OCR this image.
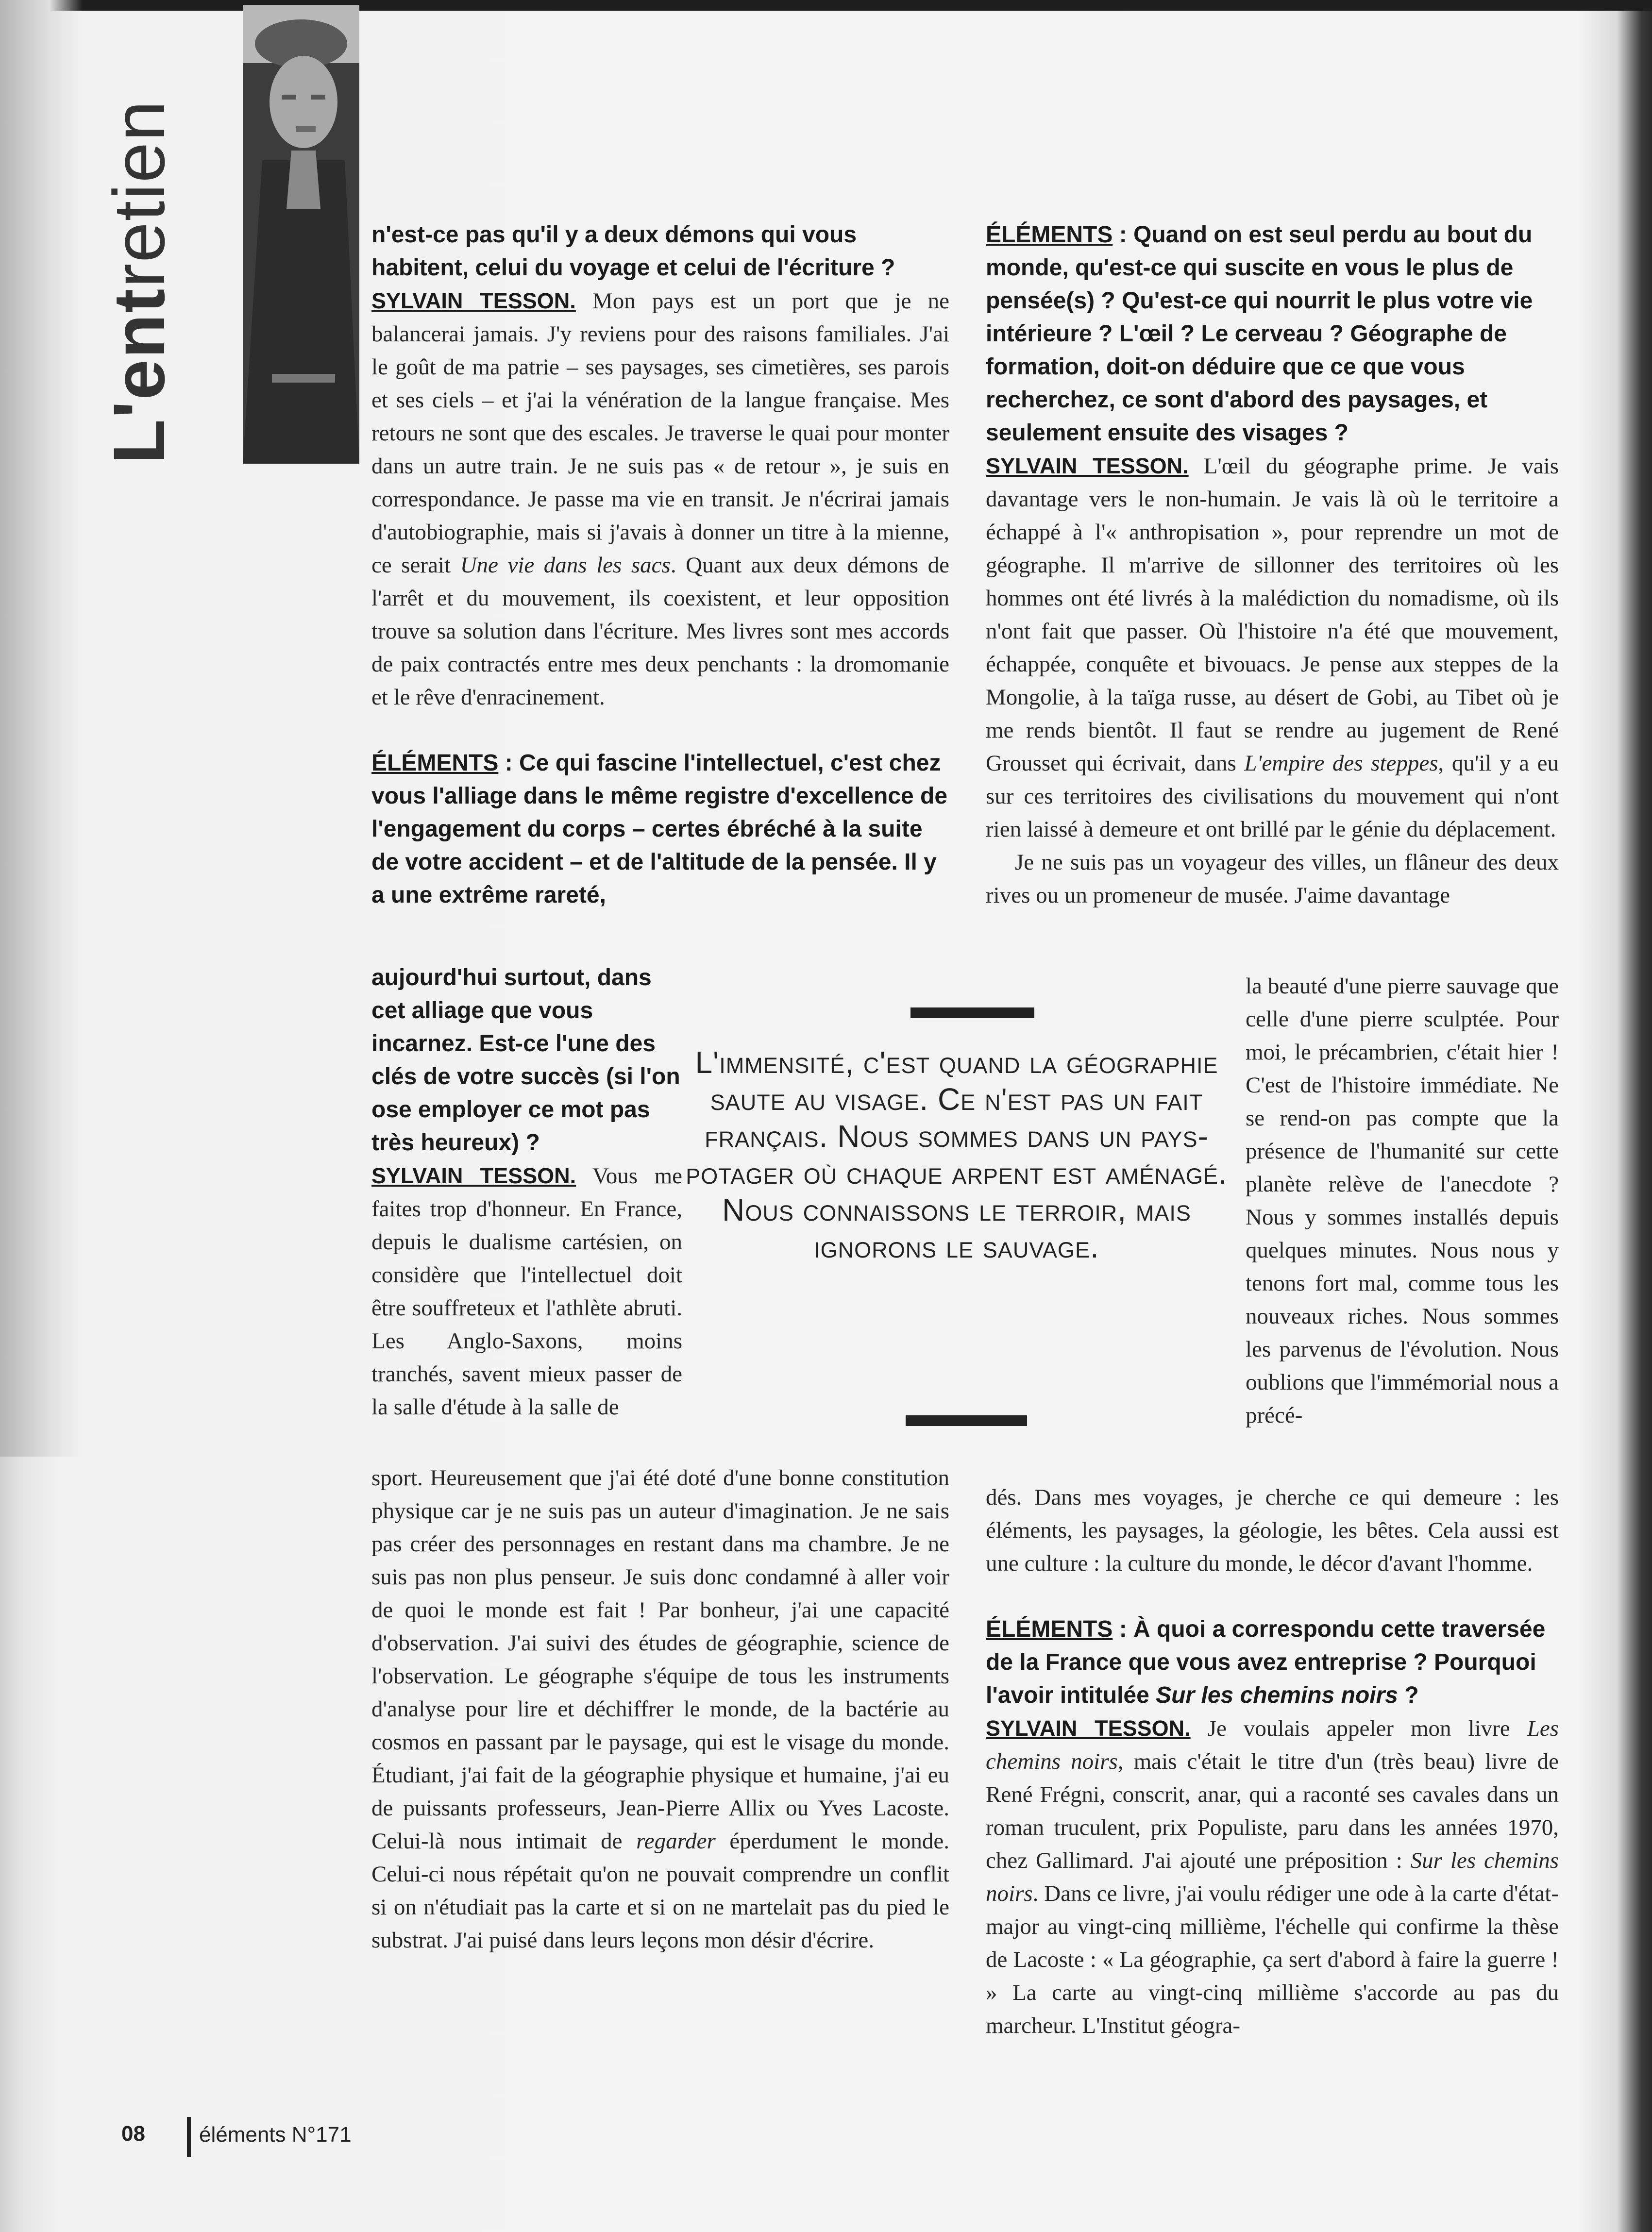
L'entretien	n'est-ce pas qu'il y a deux démons qui vous habitent, celui du voyage et celui de l'écriture ?

SYLVAIN TESSON. Mon pays est un port que je ne balancerai jamais. J'y reviens pour des raisons familiales. J'ai le goût de ma patrie – ses paysages, ses cimetières, ses parois et ses ciels – et j'ai la vénération de la langue française. Mes retours ne sont que des escales. Je traverse le quai pour monter dans un autre train. Je ne suis pas « de retour », je suis en correspondance. Je passe ma vie en transit. Je n'écrirai jamais d'autobiographie, mais si j'avais à donner un titre à la mienne, ce serait Une vie dans les sacs. Quant aux deux démons de l'arrêt et du mouvement, ils coexistent, et leur opposition trouve sa solution dans l'écriture. Mes livres sont mes accords de paix contractés entre mes deux penchants : la dromomanie et le rêve d'enracinement.

ÉLÉMENTS : Ce qui fascine l'intellectuel, c'est chez vous l'alliage dans le même registre d'excellence de l'engagement du corps – certes ébréché à la suite de votre accident – et de l'altitude de la pensée. Il y a une extrême rareté,

aujourd'hui surtout, dans cet alliage que vous incarnez. Est-ce l'une des clés de votre succès (si l'on ose employer ce mot pas très heureux) ?

SYLVAIN TESSON. Vous me faites trop d'honneur. En France, depuis le dualisme cartésien, on considère que l'intellectuel doit être souffreteux et l'athlète abruti. Les Anglo-Saxons, moins tranchés, savent mieux passer de la salle d'étude à la salle de

sport. Heureusement que j'ai été doté d'une bonne constitution physique car je ne suis pas un auteur d'imagination. Je ne sais pas créer des personnages en restant dans ma chambre. Je ne suis pas non plus penseur. Je suis donc condamné à aller voir de quoi le monde est fait ! Par bonheur, j'ai une capacité d'observation. J'ai suivi des études de géographie, science de l'observation. Le géographe s'équipe de tous les instruments d'analyse pour lire et déchiffrer le monde, de la bactérie au cosmos en passant par le paysage, qui est le visage du monde. Étudiant, j'ai fait de la géographie physique et humaine, j'ai eu de puissants professeurs, Jean-Pierre Allix ou Yves Lacoste. Celui-là nous intimait de regarder éperdument le monde. Celui-ci nous répétait qu'on ne pouvait comprendre un conflit si on n'étudiait pas la carte et si on ne martelait pas du pied le substrat. J'ai puisé dans leurs leçons mon désir d'écrire.

L'immensité, c'est quand la géographie saute au visage. Ce n'est pas un fait français. Nous sommes dans un pays-potager où chaque arpent est aménagé. Nous connaissons le terroir, mais ignorons le sauvage.

ÉLÉMENTS : Quand on est seul perdu au bout du monde, qu'est-ce qui suscite en vous le plus de pensée(s) ? Qu'est-ce qui nourrit le plus votre vie intérieure ? L'œil ? Le cerveau ? Géographe de formation, doit-on déduire que ce que vous recherchez, ce sont d'abord des paysages, et seulement ensuite des visages ?

SYLVAIN TESSON. L'œil du géographe prime. Je vais davantage vers le non-humain. Je vais là où le territoire a échappé à l'« anthropisation », pour reprendre un mot de géographe. Il m'arrive de sillonner des territoires où les hommes ont été livrés à la malédiction du nomadisme, où ils n'ont fait que passer. Où l'histoire n'a été que mouvement, échappée, conquête et bivouacs. Je pense aux steppes de la Mongolie, à la taïga russe, au désert de Gobi, au Tibet où je me rends bientôt. Il faut se rendre au jugement de René Grousset qui écrivait, dans L'empire des steppes, qu'il y a eu sur ces territoires des civilisations du mouvement qui n'ont rien laissé à demeure et ont brillé par le génie du déplacement.

Je ne suis pas un voyageur des villes, un flâneur des deux rives ou un promeneur de musée. J'aime davantage

la beauté d'une pierre sauvage que celle d'une pierre sculptée. Pour moi, le précambrien, c'était hier ! C'est de l'histoire immédiate. Ne se rend-on pas compte que la présence de l'humanité sur cette planète relève de l'anecdote ? Nous y sommes installés depuis quelques minutes. Nous nous y tenons fort mal, comme tous les nouveaux riches. Nous sommes les parvenus de l'évolution. Nous oublions que l'immémorial nous a précé-

dés. Dans mes voyages, je cherche ce qui demeure : les éléments, les paysages, la géologie, les bêtes. Cela aussi est une culture : la culture du monde, le décor d'avant l'homme.

ÉLÉMENTS : À quoi a correspondu cette traversée de la France que vous avez entreprise ? Pourquoi l'avoir intitulée Sur les chemins noirs ?

SYLVAIN TESSON. Je voulais appeler mon livre Les chemins noirs, mais c'était le titre d'un (très beau) livre de René Frégni, conscrit, anar, qui a raconté ses cavales dans un roman truculent, prix Populiste, paru dans les années 1970, chez Gallimard. J'ai ajouté une préposition : Sur les chemins noirs. Dans ce livre, j'ai voulu rédiger une ode à la carte d'état-major au vingt-cinq millième, l'échelle qui confirme la thèse de Lacoste : « La géographie, ça sert d'abord à faire la guerre ! » La carte au vingt-cinq millième s'accorde au pas du marcheur. L'Institut géogra-

08	éléments N°171
